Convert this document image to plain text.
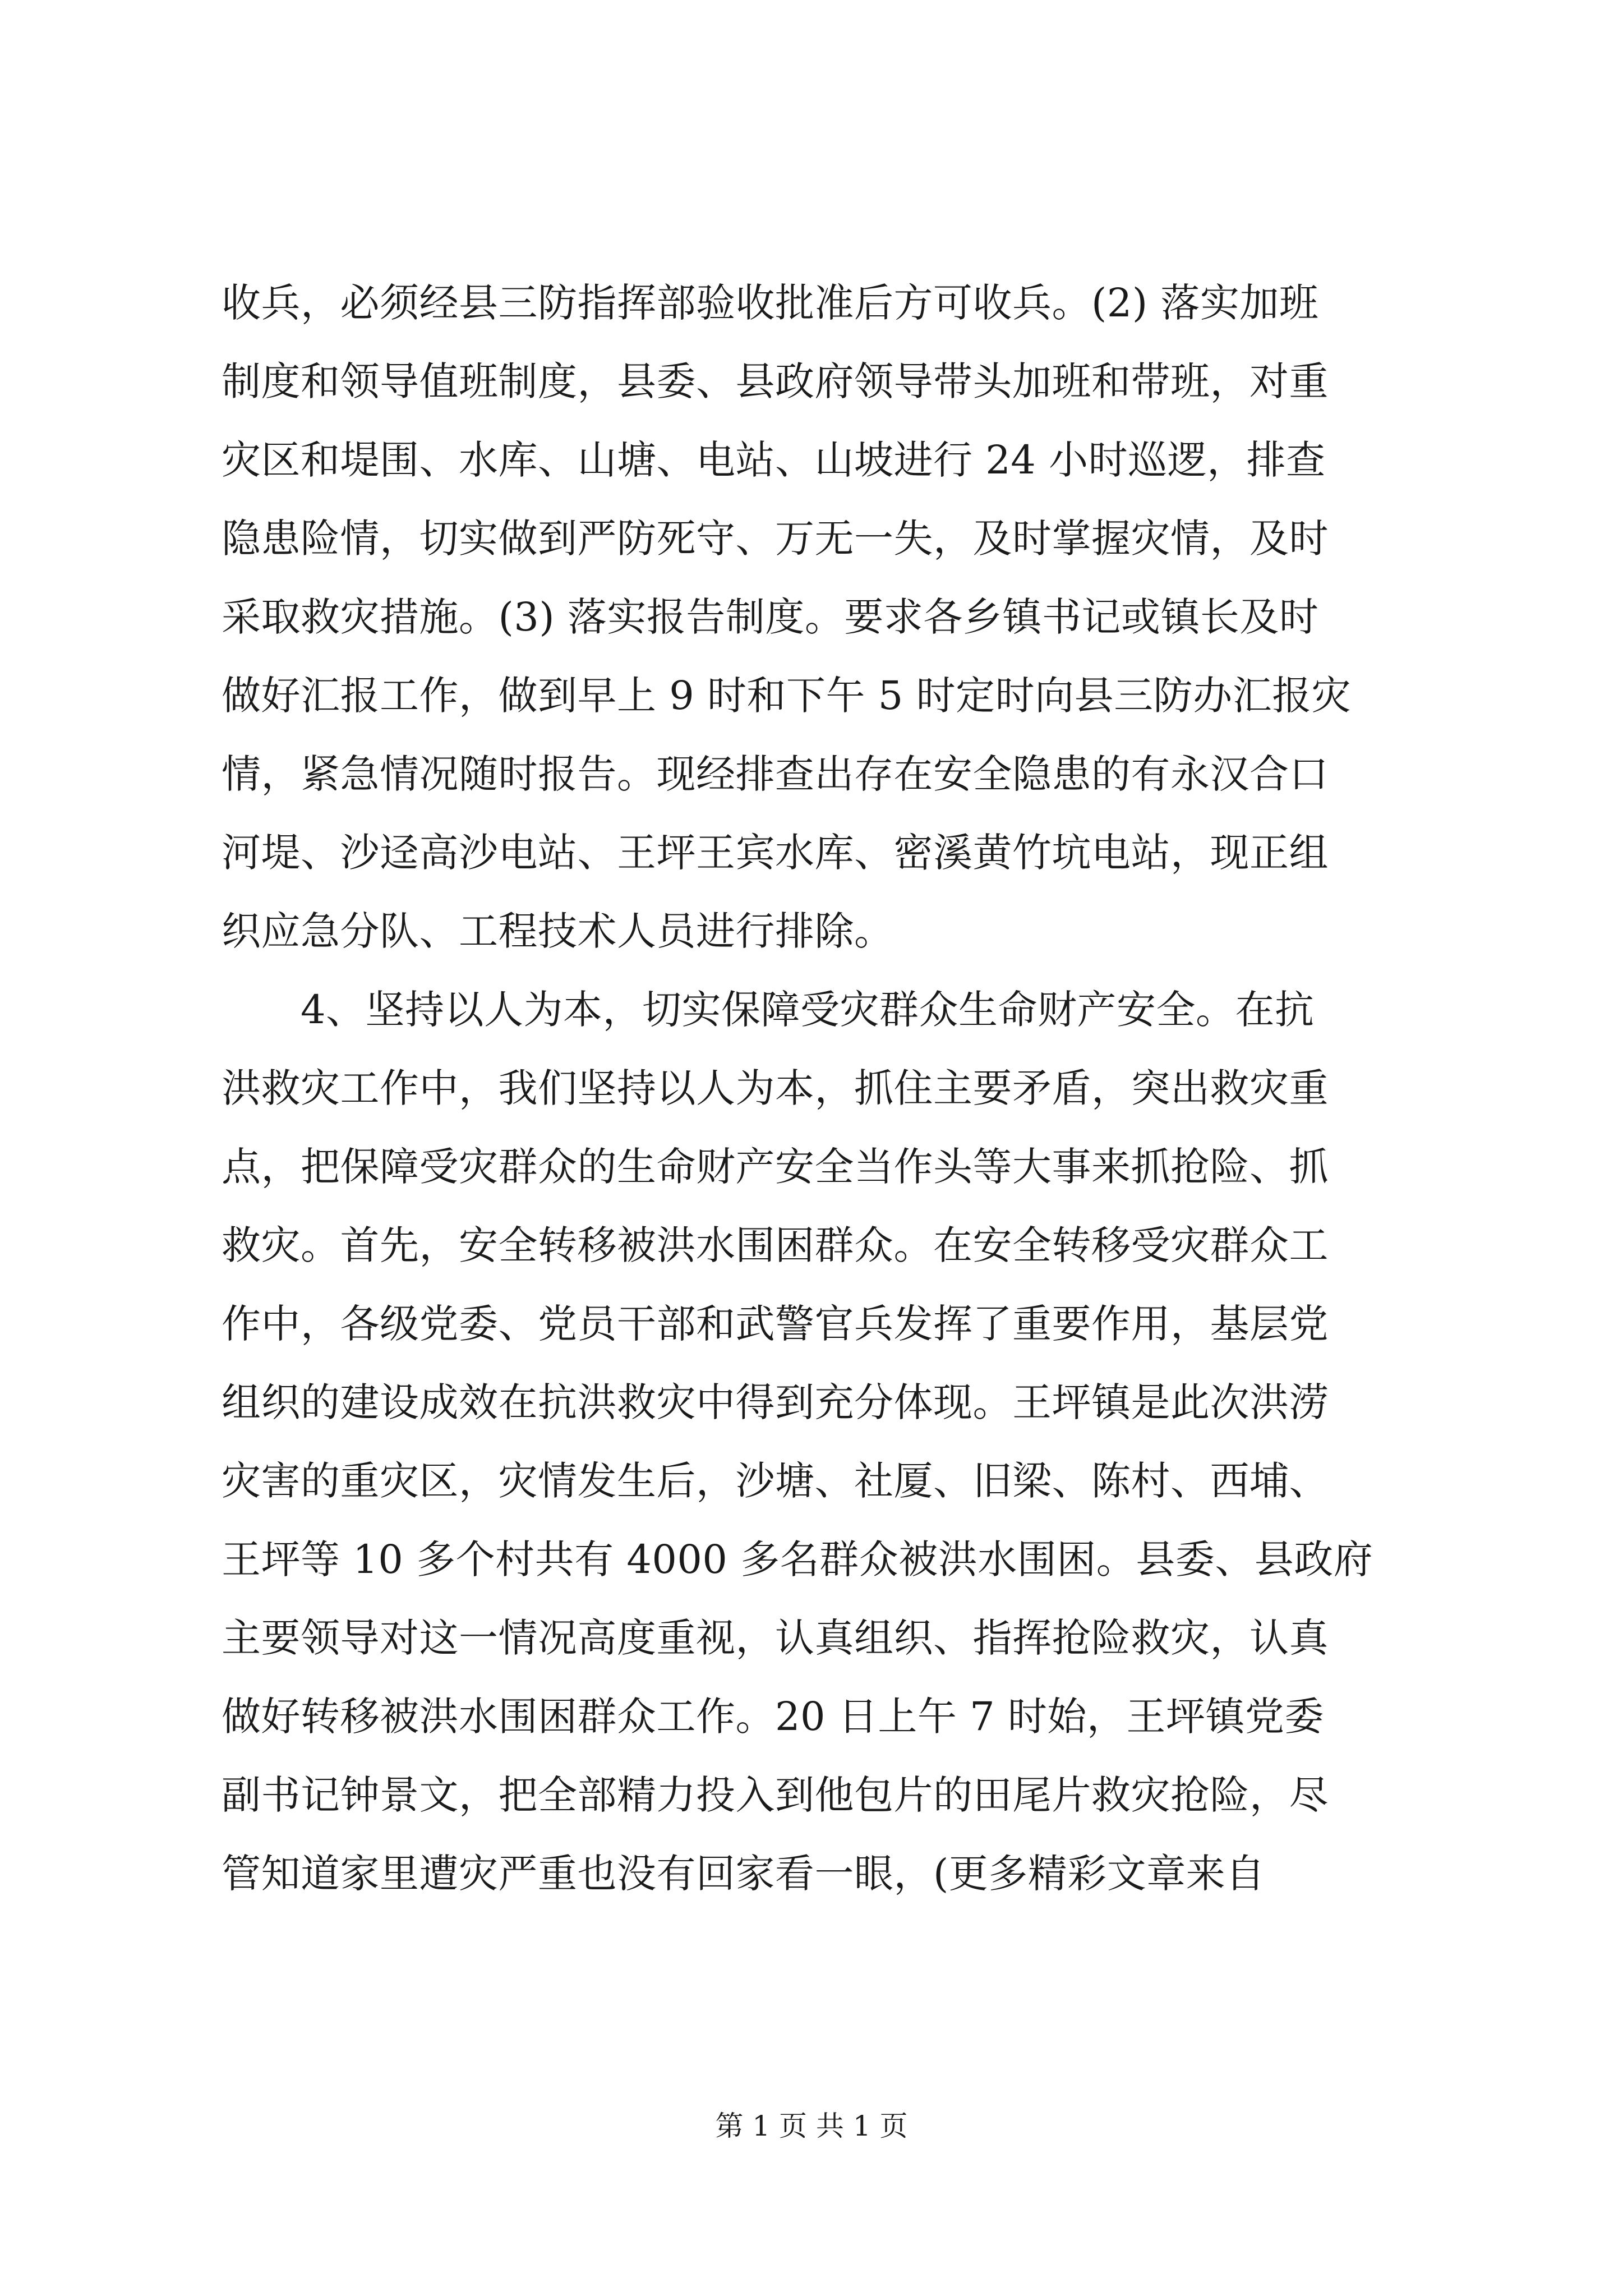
收兵，必须经县三防指挥部验收批准后方可收兵。(2) 落实加班
制度和领导值班制度，县委、县政府领导带头加班和带班，对重
灾区和堤围、水库、山塘、电站、山坡进行 24 小时巡逻，排查
隐患险情，切实做到严防死守、万无一失，及时掌握灾情，及时
采取救灾措施。(3) 落实报告制度。要求各乡镇书记或镇长及时
做好汇报工作，做到早上 9 时和下午 5 时定时向县三防办汇报灾
情，紧急情况随时报告。现经排查出存在安全隐患的有永汉合口
河堤、沙迳高沙电站、王坪王宾水库、密溪黄竹坑电站，现正组
织应急分队、工程技术人员进行排除。
　　4、坚持以人为本，切实保障受灾群众生命财产安全。在抗
洪救灾工作中，我们坚持以人为本，抓住主要矛盾，突出救灾重
点，把保障受灾群众的生命财产安全当作头等大事来抓抢险、抓
救灾。首先，安全转移被洪水围困群众。在安全转移受灾群众工
作中，各级党委、党员干部和武警官兵发挥了重要作用，基层党
组织的建设成效在抗洪救灾中得到充分体现。王坪镇是此次洪涝
灾害的重灾区，灾情发生后，沙塘、社厦、旧梁、陈村、西埔、
王坪等 10 多个村共有 4000 多名群众被洪水围困。县委、县政府
主要领导对这一情况高度重视，认真组织、指挥抢险救灾，认真
做好转移被洪水围困群众工作。20 日上午 7 时始，王坪镇党委
副书记钟景文，把全部精力投入到他包片的田尾片救灾抢险，尽
管知道家里遭灾严重也没有回家看一眼，(更多精彩文章来自
第 1 页 共 1 页
